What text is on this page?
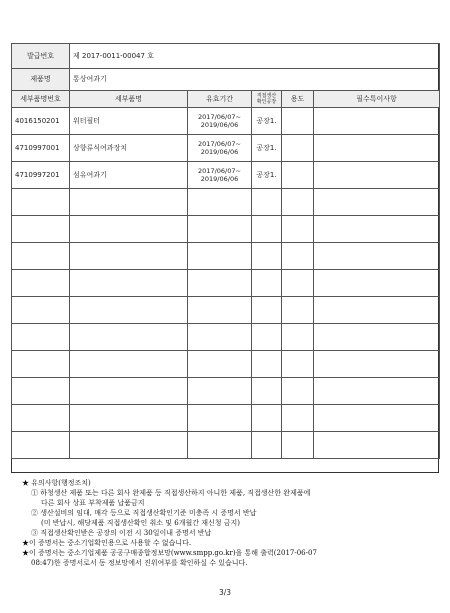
발급번호	제 2017-0011-00047 호				
제품명	통상여과기				
세부품명번호	세부품명	유효기간	직접생산 확인공장	용도	필수특이사항
4016150201	워터필터	2017/06/07~ 2019/06/06	공장1.		
4710997001	상향류식여과장치	2017/06/07~ 2019/06/06	공장1.		
4710997201	섬유여과기	2017/06/07~ 2019/06/06	공장1.		

★ 유의사항(행정조치)
① 하청생산 제품 또는 다른 회사 완제품 등 직접생산하지 아니한 제품, 직접생산한 완제품에
다른 회사 상표 부착제품 납품금지
② 생산설비의 임대, 매각 등으로 직접생산확인기준 미충족 시 증명서 반납
(미 반납시, 해당제품 직접생산확인 취소 및 6개월간 재신청 금지)
③ 직접생산확인받은 공장의 이전 시 30일이내 증명서 반납
★이 증명서는 중소기업확인용으로 사용할 수 없습니다.
★이 증명서는 중소기업제품 공공구매종합정보망(www.smpp.go.kr)을 통해 출력(2017-06-07
08:47)한 증명서로서 동 정보망에서 진위여부를 확인하실 수 있습니다.
3/3
